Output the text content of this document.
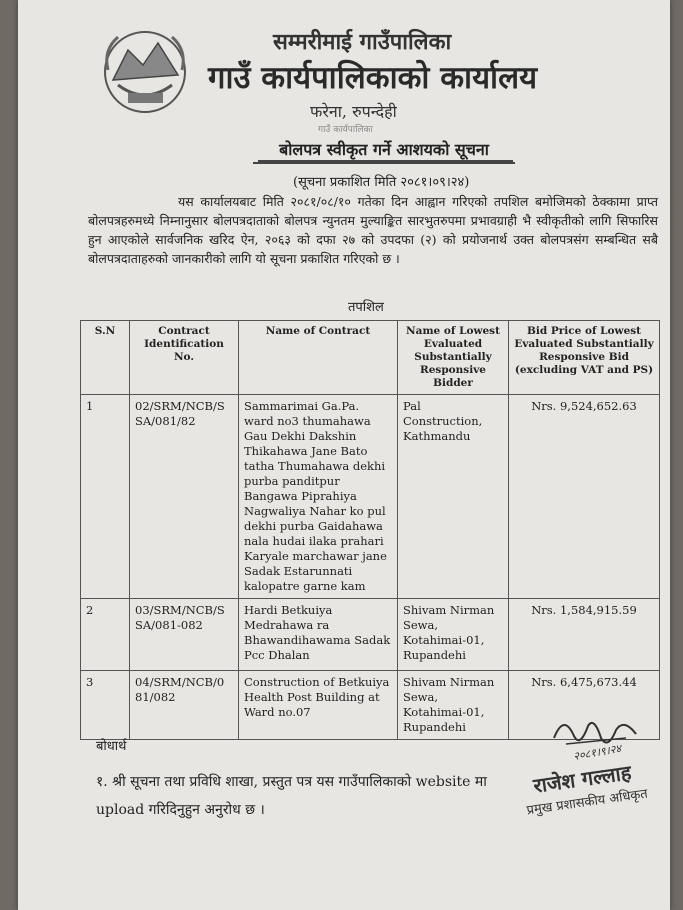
सम्मरीमाई गाउँपालिका
गाउँ कार्यपालिकाको कार्यालय
फरेना, रुपन्देही
गाउँ कार्यपालिका
बोलपत्र स्वीकृत गर्ने आशयको सूचना
(सूचना प्रकाशित मिति २०८१।०९।२४)
यस कार्यालयबाट मिति २०८१/०८/१० गतेका दिन आह्वान गरिएको तपशिल बमोजिमको ठेक्कामा प्राप्त बोलपत्रहरुमध्ये निम्नानुसार बोलपत्रदाताको बोलपत्र न्युनतम मुल्याङ्कित सारभुतरुपमा प्रभावग्राही भै स्वीकृतीको लागि सिफारिस हुन आएकोले सार्वजनिक खरिद ऐन, २०६३ को दफा २७ को उपदफा (२) को प्रयोजनार्थ उक्त बोलपत्रसंग सम्बन्धित सबै बोलपत्रदाताहरुको जानकारीको लागि यो सूचना प्रकाशित गरिएको छ ।
तपशिल
S.N	Contract Identification No.	Name of Contract	Name of Lowest Evaluated Substantially Responsive Bidder	Bid Price of Lowest Evaluated Substantially Responsive Bid (excluding VAT and PS)
1	02/SRM/NCB/S SA/081/82	Sammarimai Ga.Pa. ward no3 thumahawa Gau Dekhi Dakshin Thikahawa Jane Bato tatha Thumahawa dekhi purba panditpur Bangawa Piprahiya Nagwaliya Nahar ko pul dekhi purba Gaidahawa nala hudai ilaka prahari Karyale marchawar jane Sadak Estarunnati kalopatre garne kam	Pal Construction, Kathmandu	Nrs. 9,524,652.63
2	03/SRM/NCB/S SA/081-082	Hardi Betkuiya Medrahawa ra Bhawandihawama Sadak Pcc Dhalan	Shivam Nirman Sewa, Kotahimai-01, Rupandehi	Nrs. 1,584,915.59
3	04/SRM/NCB/0 81/082	Construction of Betkuiya Health Post Building at Ward no.07	Shivam Nirman Sewa, Kotahimai-01, Rupandehi	Nrs. 6,475,673.44
बोधार्थ
१. श्री सूचना तथा प्रविधि शाखा, प्रस्तुत पत्र यस गाउँपालिकाको website मा upload गरिदिनुहुन अनुरोध छ ।
२०८१।९।२४
राजेश गल्लाह
प्रमुख प्रशासकीय अधिकृत
